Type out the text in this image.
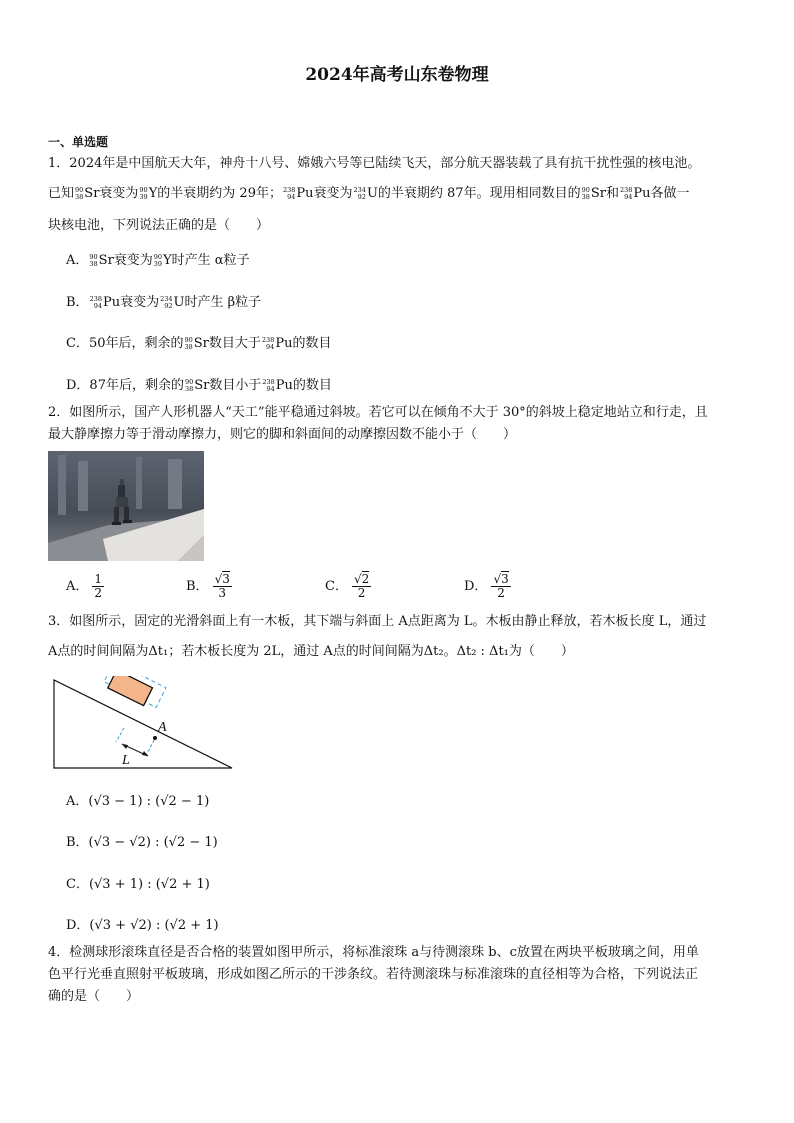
2024年高考山东卷物理
一、单选题
1．2024年是中国航天大年，神舟十八号、嫦娥六号等已陆续飞天，部分航天器装载了具有抗干扰性强的核电池。
已知 90
38 Sr衰变为 90
39 Y的半衰期约为 29年； 238
94 Pu衰变为 234
92 U的半衰期约 87年。现用相同数目的 90
38 Sr和 238
94 Pu各做一
块核电池，下列说法正确的是（　　）
A． 90
38 Sr衰变为 90
39 Y时产生 α粒子
B． 238
94 Pu衰变为 234
92 U时产生 β粒子
C．50年后，剩余的 90
38 Sr数目大于 238
94 Pu的数目
D．87年后，剩余的 90
38 Sr数目小于 238
94 Pu的数目
2．如图所示，国产人形机器人“天工”能平稳通过斜坡。若它可以在倾角不大于 30°的斜坡上稳定地站立和行走，且
最大静摩擦力等于滑动摩擦力，则它的脚和斜面间的动摩擦因数不能小于（　　）
A． $\frac{1}{2}$	B． $\frac{√3}{3}$	C． $\frac{√2}{2}$	D． $\frac{√3}{2}$
3．如图所示，固定的光滑斜面上有一木板，其下端与斜面上 A点距离为 L。木板由静止释放，若木板长度 L，通过
A点的时间间隔为Δt₁；若木板长度为 2L，通过 A点的时间间隔为Δt₂。Δt₂ : Δt₁为（　　）
A
L
A．(√3 − 1) : (√2 − 1)
B．(√3 − √2) : (√2 − 1)
C．(√3 + 1) : (√2 + 1)
D．(√3 + √2) : (√2 + 1)
4．检测球形滚珠直径是否合格的装置如图甲所示，将标准滚珠 a与待测滚珠 b、c放置在两块平板玻璃之间，用单
色平行光垂直照射平板玻璃，形成如图乙所示的干涉条纹。若待测滚珠与标准滚珠的直径相等为合格，下列说法正
确的是（　　）
